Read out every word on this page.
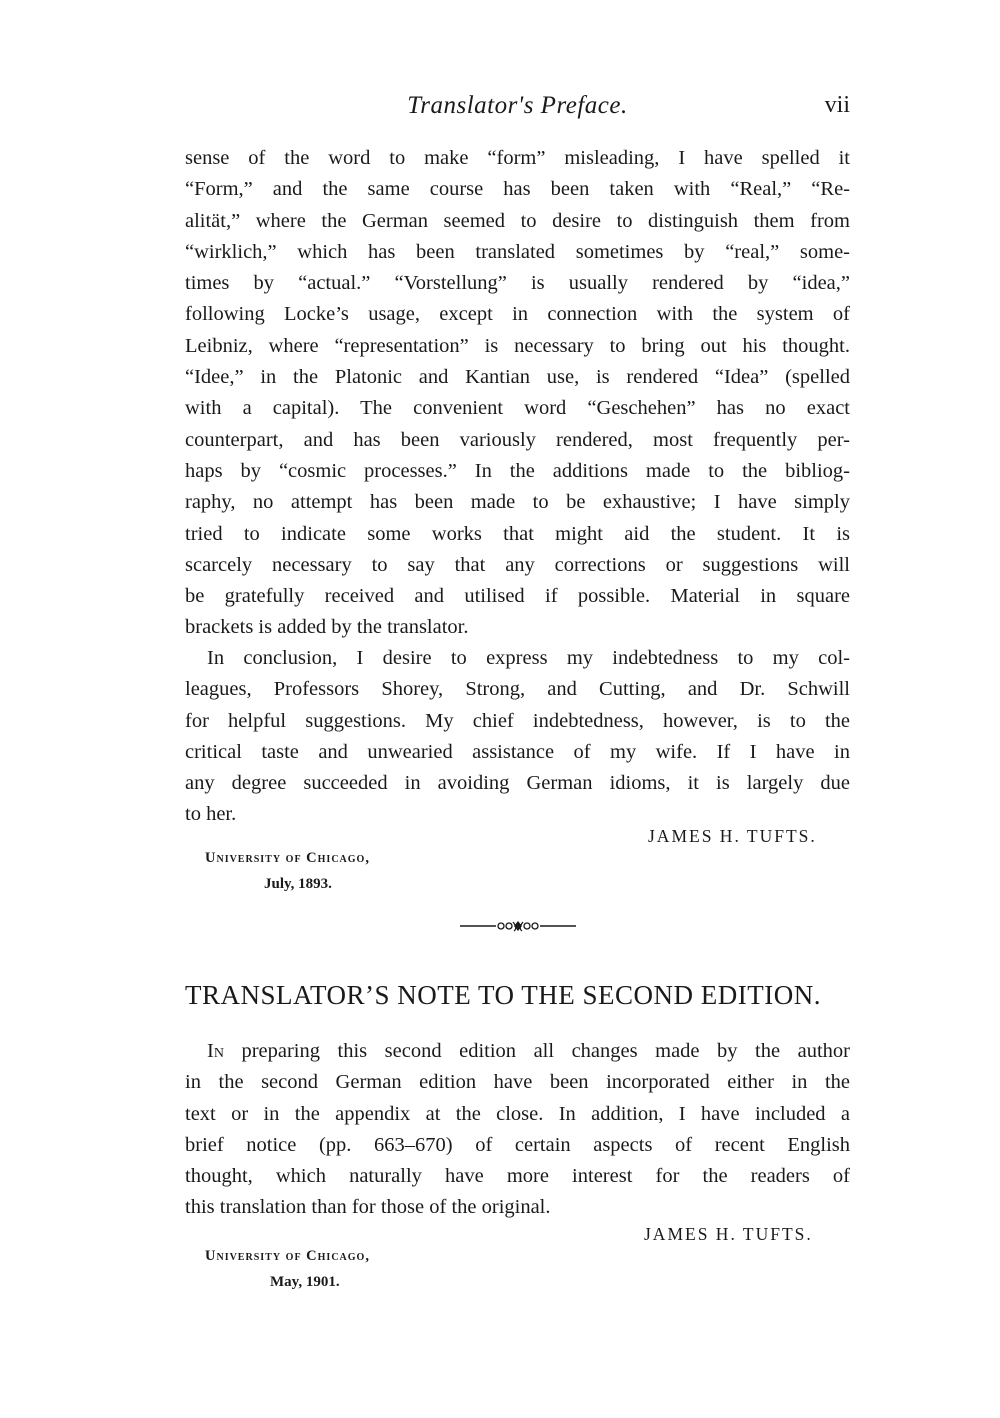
Translator's Preface.	vii
sense of the word to make “form” misleading, I have spelled it
“Form,” and the same course has been taken with “Real,” “Re-
alität,” where the German seemed to desire to distinguish them from
“wirklich,” which has been translated sometimes by “real,” some-
times by “actual.” “Vorstellung” is usually rendered by “idea,”
following Locke’s usage, except in connection with the system of
Leibniz, where “representation” is necessary to bring out his thought.
“Idee,” in the Platonic and Kantian use, is rendered “Idea” (spelled
with a capital). The convenient word “Geschehen” has no exact
counterpart, and has been variously rendered, most frequently per-
haps by “cosmic processes.” In the additions made to the bibliog-
raphy, no attempt has been made to be exhaustive; I have simply
tried to indicate some works that might aid the student. It is
scarcely necessary to say that any corrections or suggestions will
be gratefully received and utilised if possible. Material in square
brackets is added by the translator.
In conclusion, I desire to express my indebtedness to my col-
leagues, Professors Shorey, Strong, and Cutting, and Dr. Schwill
for helpful suggestions. My chief indebtedness, however, is to the
critical taste and unwearied assistance of my wife. If I have in
any degree succeeded in avoiding German idioms, it is largely due
to her.
JAMES H. TUFTS.
University of Chicago,
July, 1893.
TRANSLATOR’S NOTE TO THE SECOND EDITION.
In preparing this second edition all changes made by the author
in the second German edition have been incorporated either in the
text or in the appendix at the close. In addition, I have included a
brief notice (pp. 663–670) of certain aspects of recent English
thought, which naturally have more interest for the readers of
this translation than for those of the original.
JAMES H. TUFTS.
University of Chicago,
May, 1901.
